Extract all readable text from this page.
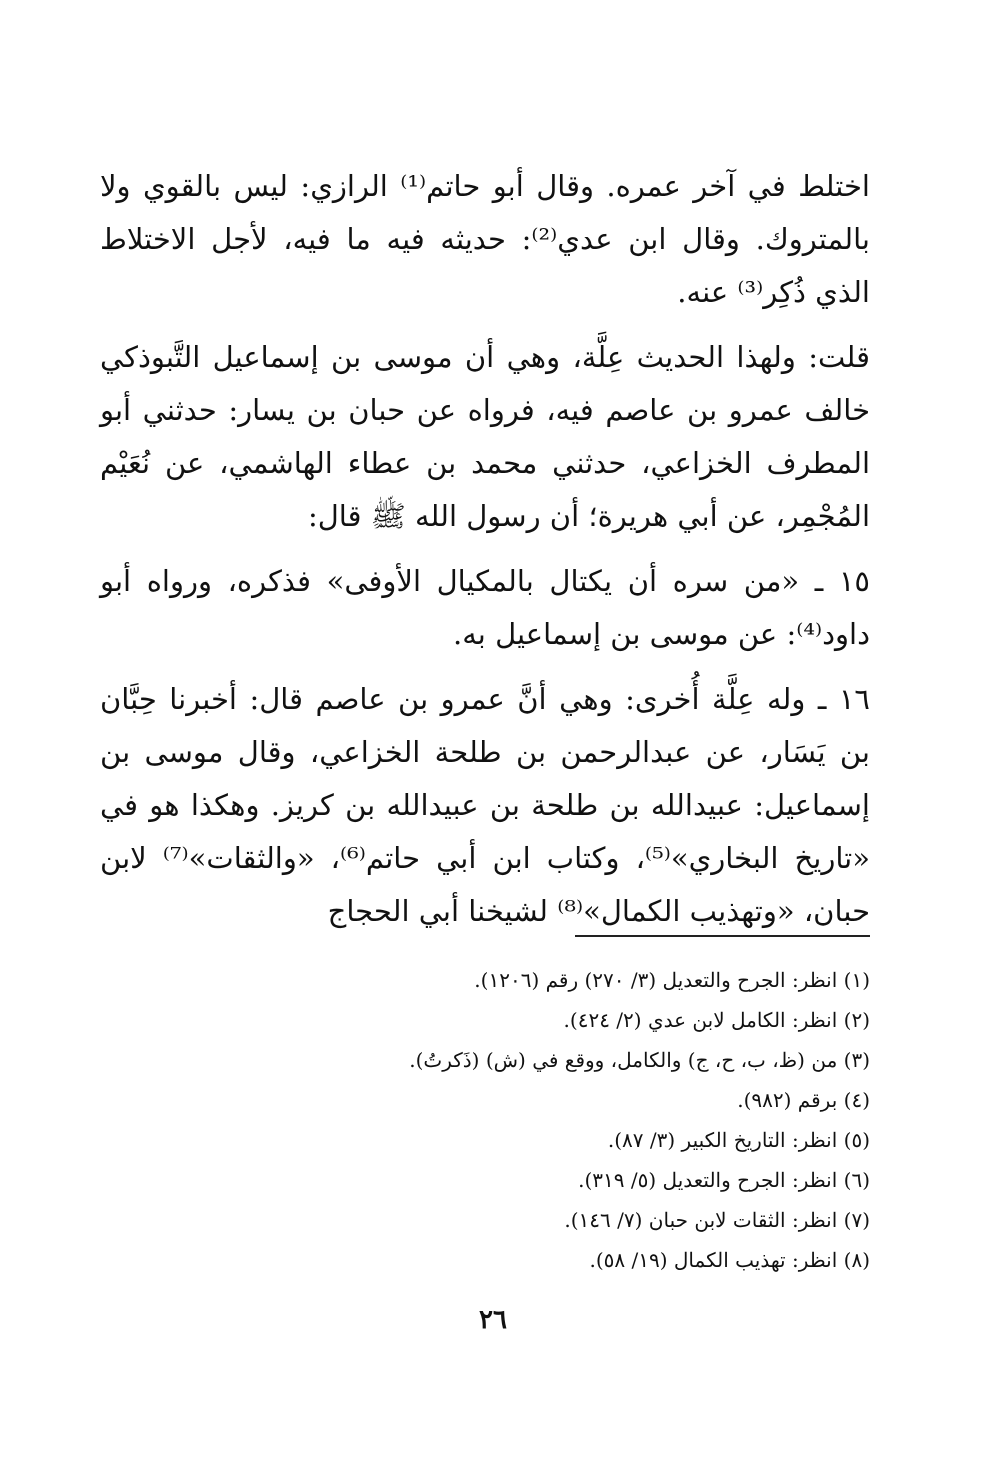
اختلط في آخر عمره. وقال أبو حاتم⁽¹⁾ الرازي: ليس بالقوي ولا بالمتروك. وقال ابن عدي⁽²⁾: حديثه فيه ما فيه، لأجل الاختلاط الذي ذُكِر⁽³⁾ عنه.

قلت: ولهذا الحديث عِلَّة، وهي أن موسى بن إسماعيل التَّبوذكي خالف عمرو بن عاصم فيه، فرواه عن حبان بن يسار: حدثني أبو المطرف الخزاعي، حدثني محمد بن عطاء الهاشمي، عن نُعَيْم المُجْمِر، عن أبي هريرة؛ أن رسول الله ﷺ قال:

١٥ ـ «من سره أن يكتال بالمكيال الأوفى» فذكره، ورواه أبو داود⁽⁴⁾: عن موسى بن إسماعيل به.

١٦ ـ وله عِلَّة أُخرى: وهي أنَّ عمرو بن عاصم قال: أخبرنا حِبَّان بن يَسَار، عن عبدالرحمن بن طلحة الخزاعي، وقال موسى بن إسماعيل: عبيدالله بن طلحة بن عبيدالله بن كريز. وهكذا هو في «تاريخ البخاري»⁽⁵⁾، وكتاب ابن أبي حاتم⁽⁶⁾، «والثقات»⁽⁷⁾ لابن حبان، «وتهذيب الكمال»⁽⁸⁾ لشيخنا أبي الحجاج

(١) انظر: الجرح والتعديل (٣/ ٢٧٠) رقم (١٢٠٦).
(٢) انظر: الكامل لابن عدي (٢/ ٤٢٤).
(٣) من (ظ، ب، ح، ج) والكامل، ووقع في (ش) (ذَكرتُ).
(٤) برقم (٩٨٢).
(٥) انظر: التاريخ الكبير (٣/ ٨٧).
(٦) انظر: الجرح والتعديل (٥/ ٣١٩).
(٧) انظر: الثقات لابن حبان (٧/ ١٤٦).
(٨) انظر: تهذيب الكمال (١٩/ ٥٨).
٢٦
